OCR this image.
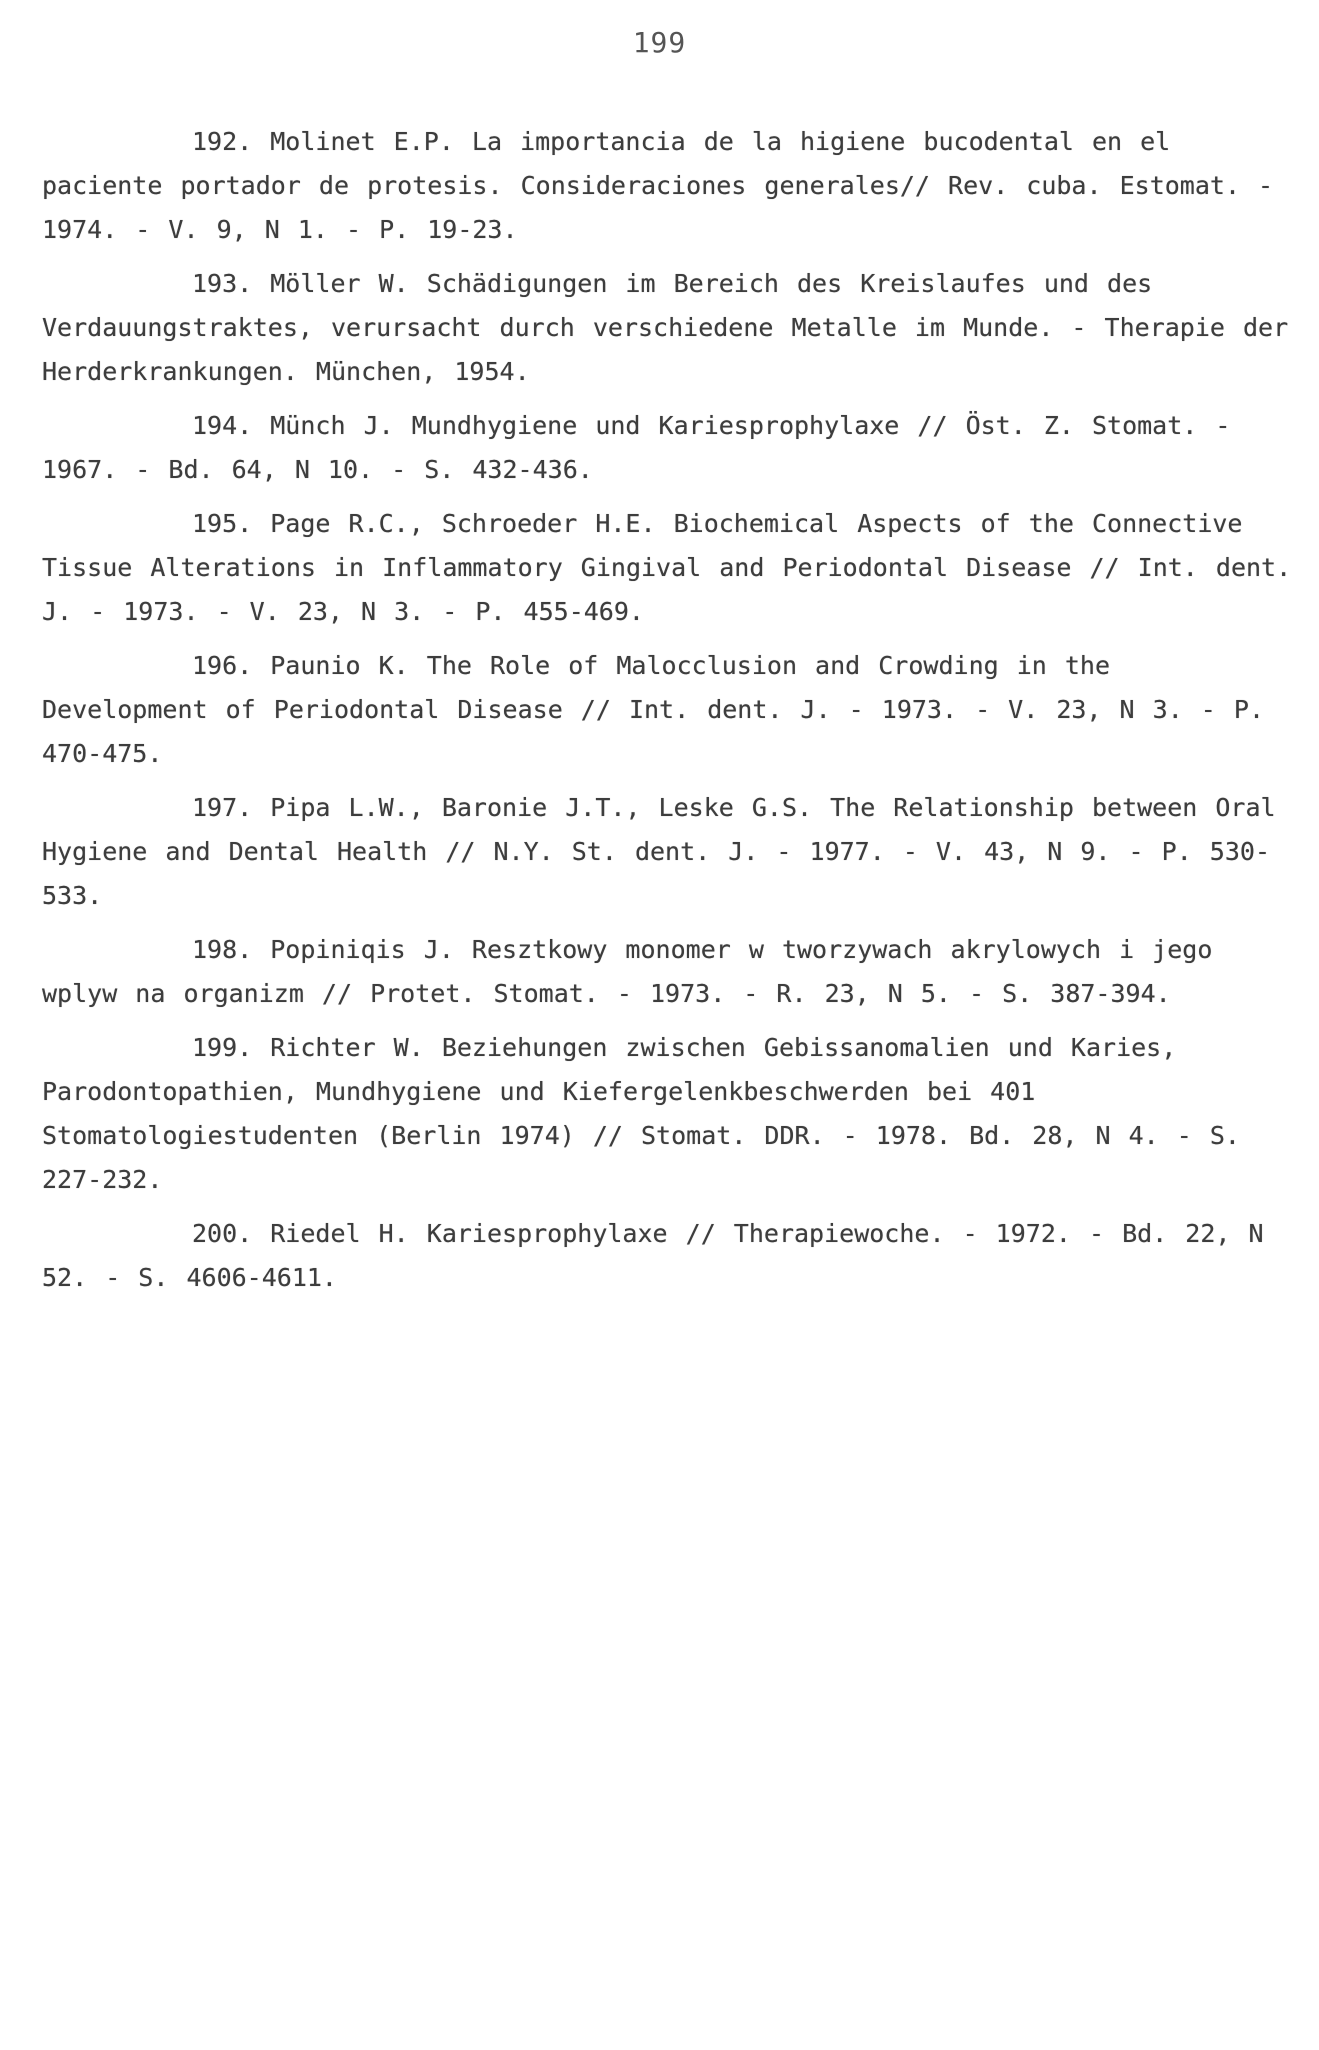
199

192. Molinet E.P. La importancia de la higiene bucodental en el paciente portador de protesis. Consideraciones generales// Rev. cuba. Estomat. - 1974. - V. 9, N 1. - P. 19-23.

193. Möller W. Schädigungen im Bereich des Kreislaufes und des Verdauungstraktes, verursacht durch verschiedene Metalle im Munde. - Therapie der Herderkrankungen. München, 1954.

194. Münch J. Mundhygiene und Kariesprophylaxe // Öst. Z. Stomat. - 1967. - Bd. 64, N 10. - S. 432-436.

195. Page R.C., Schroeder H.E. Biochemical Aspects of the Connective Tissue Alterations in Inflammatory Gingival and Periodontal Disease // Int. dent. J. - 1973. - V. 23, N 3. - P. 455-469.

196. Paunio K. The Role of Malocclusion and Crowding in the Development of Periodontal Disease // Int. dent. J. - 1973. - V. 23, N 3. - P. 470-475.

197. Pipa L.W., Baronie J.T., Leske G.S. The Relationship between Oral Hygiene and Dental Health // N.Y. St. dent. J. - 1977. - V. 43, N 9. - P. 530-533.

198. Popiniqis J. Resztkowy monomer w tworzywach akrylowych i jego wplyw na organizm // Protet. Stomat. - 1973. - R. 23, N 5. - S. 387-394.

199. Richter W. Beziehungen zwischen Gebissanomalien und Karies, Parodontopathien, Mundhygiene und Kiefergelenkbeschwerden bei 401 Stomatologiestudenten (Berlin 1974) // Stomat. DDR. - 1978. Bd. 28, N 4. - S. 227-232.

200. Riedel H. Kariesprophylaxe // Therapiewoche. - 1972. - Bd. 22, N 52. - S. 4606-4611.
